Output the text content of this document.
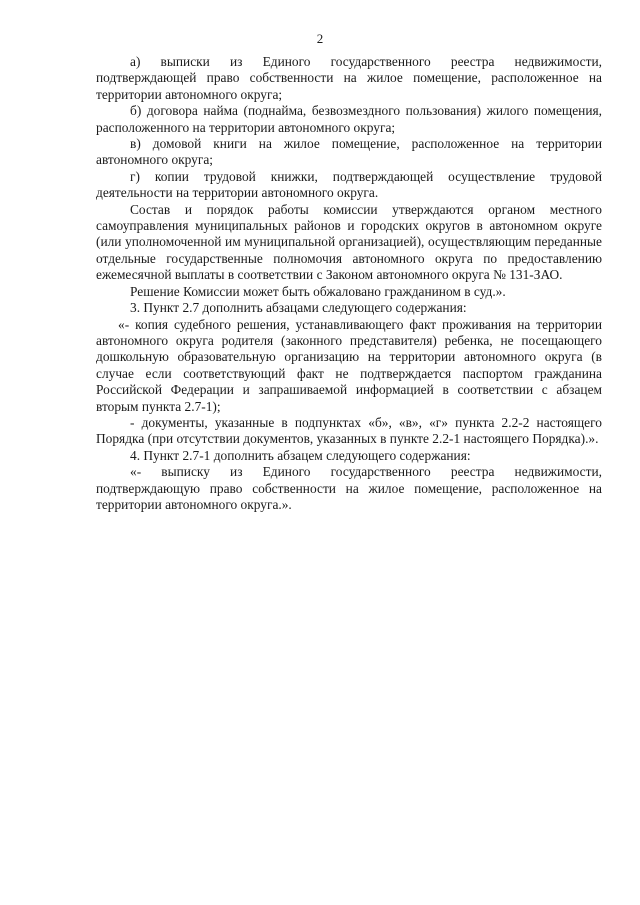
2

а) выписки из Единого государственного реестра недвижимости, подтверждающей право собственности на жилое помещение, расположенное на территории автономного округа;

б) договора найма (поднайма, безвозмездного пользования) жилого помещения, расположенного на территории автономного округа;

в) домовой книги на жилое помещение, расположенное на территории автономного округа;

г) копии трудовой книжки, подтверждающей осуществление трудовой деятельности на территории автономного округа.

Состав и порядок работы комиссии утверждаются органом местного самоуправления муниципальных районов и городских округов в автономном округе (или уполномоченной им муниципальной организацией), осуществляющим переданные отдельные государственные полномочия автономного округа по предоставлению ежемесячной выплаты в соответствии с Законом автономного округа № 131-ЗАО.

Решение Комиссии может быть обжаловано гражданином в суд.».

3. Пункт 2.7 дополнить абзацами следующего содержания:

«- копия судебного решения, устанавливающего факт проживания на территории автономного округа родителя (законного представителя) ребенка, не посещающего дошкольную образовательную организацию на территории автономного округа (в случае если соответствующий факт не подтверждается паспортом гражданина Российской Федерации и запрашиваемой информацией в соответствии с абзацем вторым пункта 2.7-1);

- документы, указанные в подпунктах «б», «в», «г» пункта 2.2-2 настоящего Порядка (при отсутствии документов, указанных в пункте 2.2-1 настоящего Порядка).».

4. Пункт 2.7-1 дополнить абзацем следующего содержания:

«- выписку из Единого государственного реестра недвижимости, подтверждающую право собственности на жилое помещение, расположенное на территории автономного округа.».
